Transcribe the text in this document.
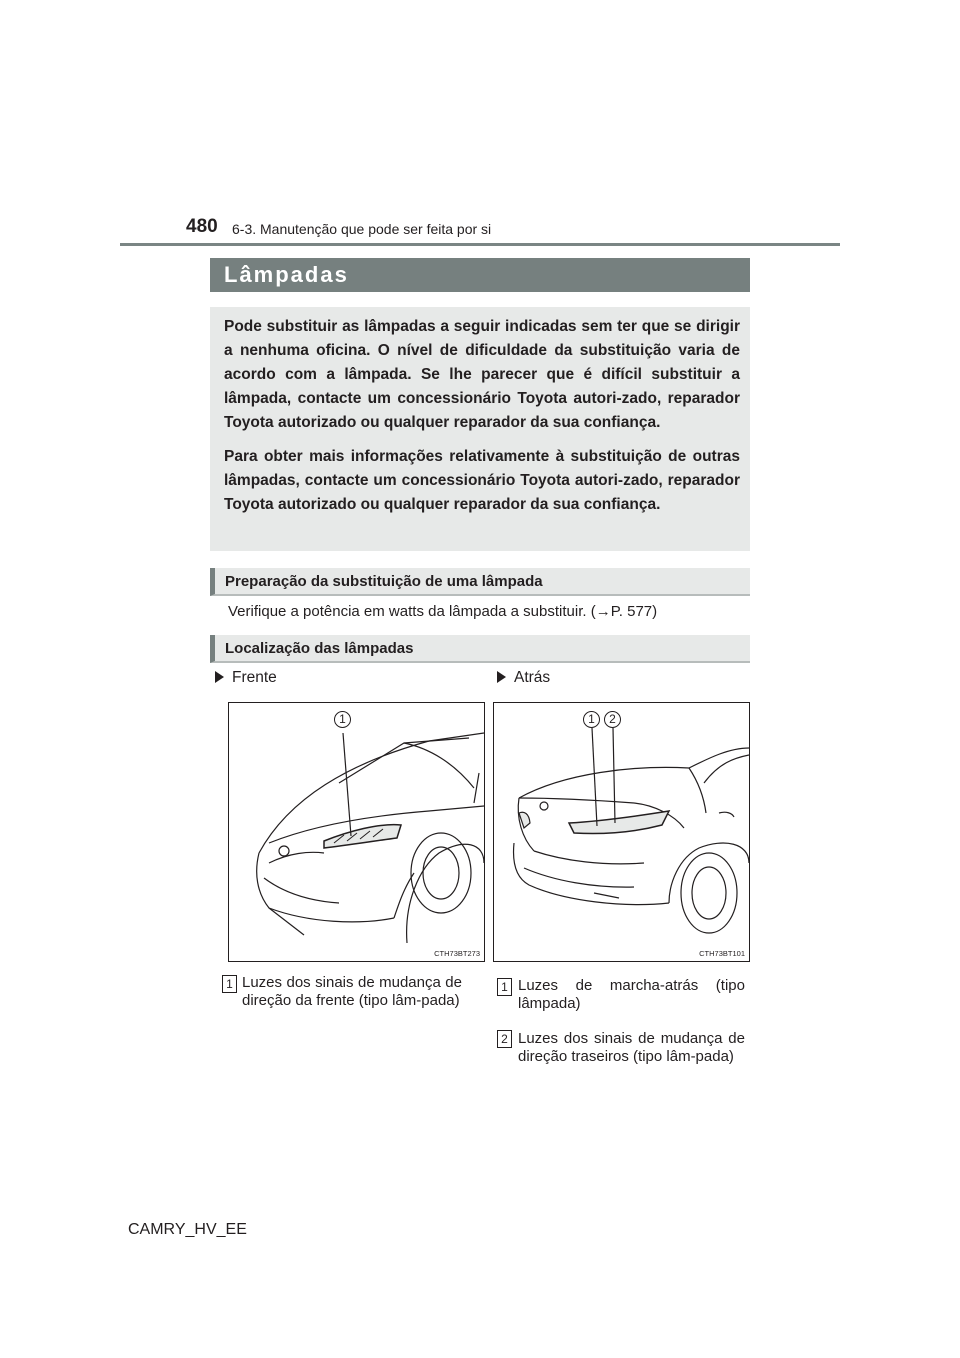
480 6-3. Manutenção que pode ser feita por si
Lâmpadas

Pode substituir as lâmpadas a seguir indicadas sem ter que se dirigir a nenhuma oficina. O nível de dificuldade da substituição varia de acordo com a lâmpada. Se lhe parecer que é difícil substituir a lâmpada, contacte um concessionário Toyota autori-zado, reparador Toyota autorizado ou qualquer reparador da sua confiança.

Para obter mais informações relativamente à substituição de outras lâmpadas, contacte um concessionário Toyota autori-zado, reparador Toyota autorizado ou qualquer reparador da sua confiança.

Preparação da substituição de uma lâmpada
Verifique a potência em watts da lâmpada a substituir. (→P. 577)
Localização das lâmpadas
Frente	Atrás
1
CTH73BT273
1	2
CTH73BT101
1 Luzes dos sinais de mudança de direção da frente (tipo lâm-pada)
1 Luzes de marcha-atrás (tipo lâmpada)
2 Luzes dos sinais de mudança de direção traseiros (tipo lâm-pada)
CAMRY_HV_EE
